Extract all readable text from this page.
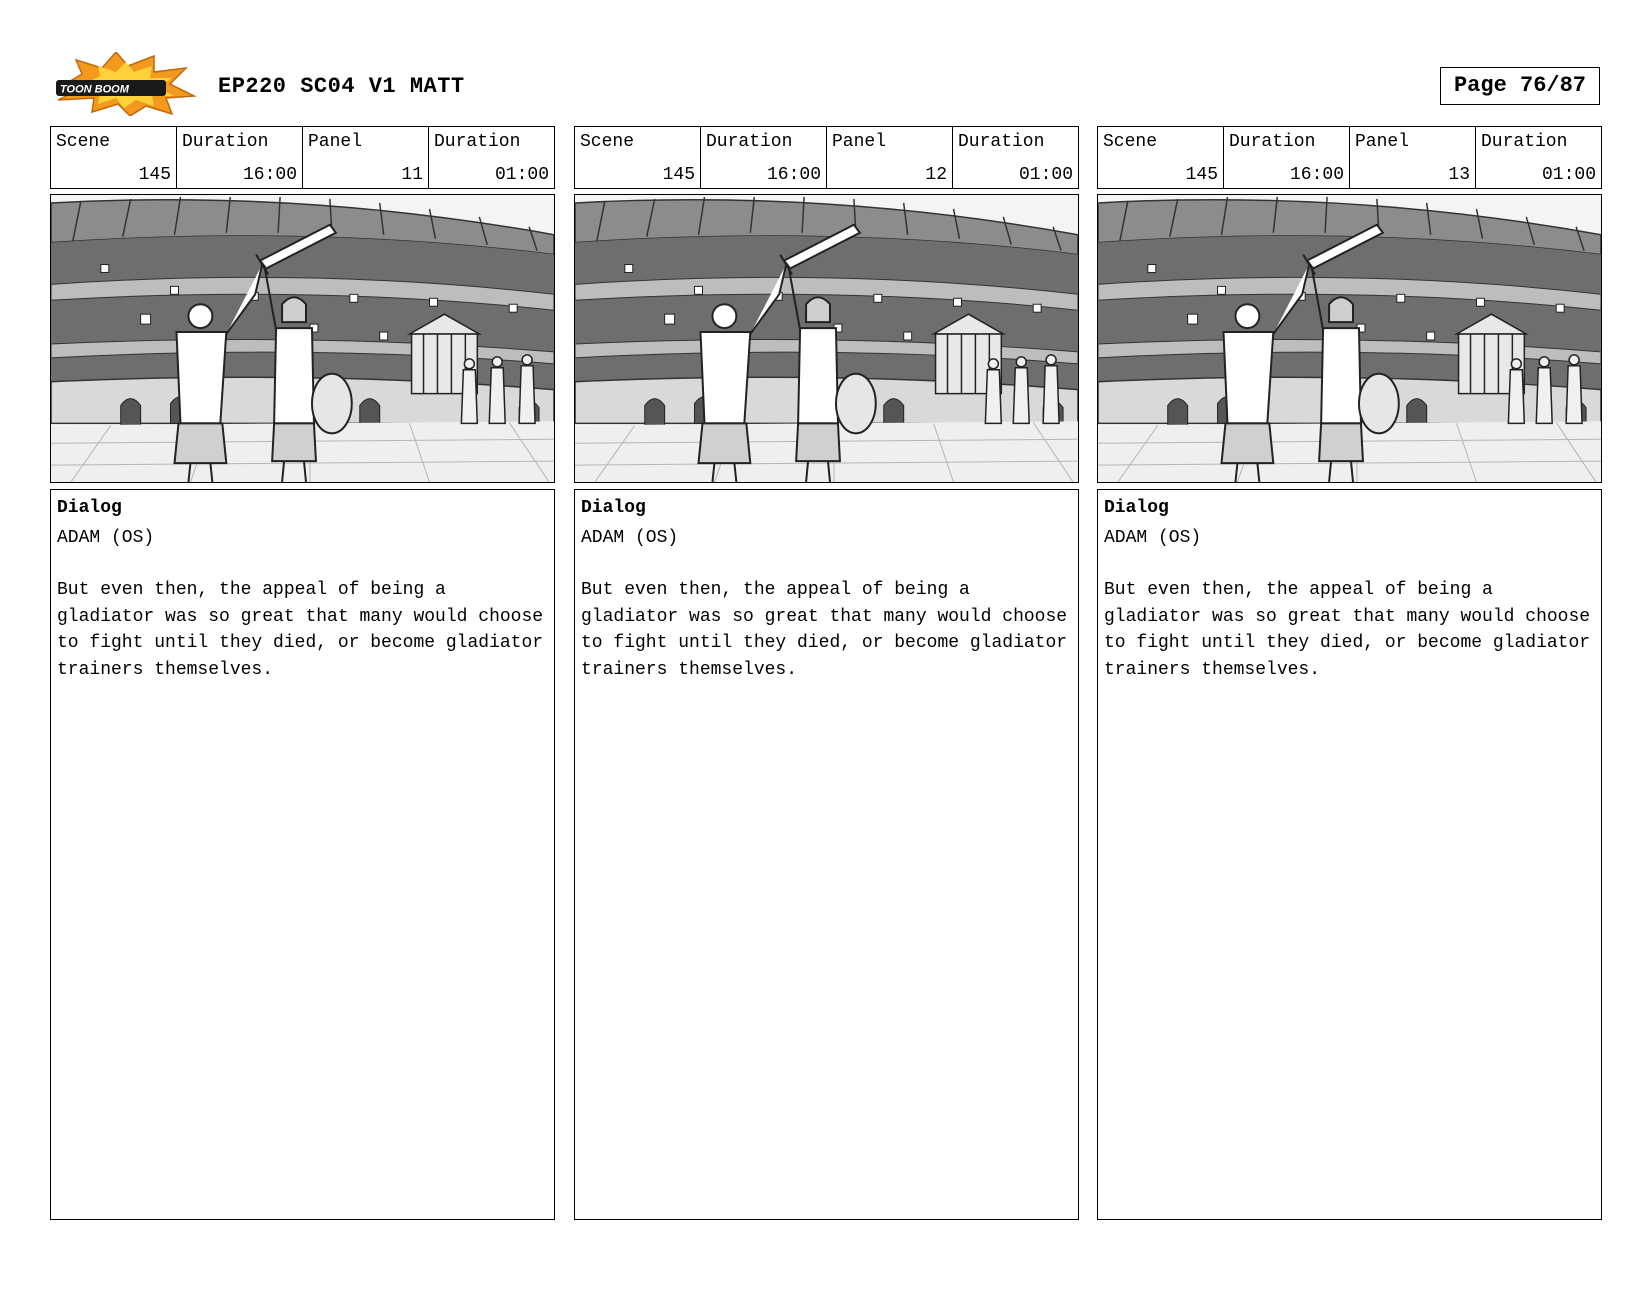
TOON BOOM	EP220 SC04 V1 MATT	Page 76/87
Scene
145
Duration
16:00
Panel
11
Duration
01:00
Dialog
ADAM (OS)
But even then, the appeal of being a gladiator was so great that many would choose to fight until they died, or become gladiator trainers themselves.
Scene
145
Duration
16:00
Panel
12
Duration
01:00
Dialog
ADAM (OS)
But even then, the appeal of being a gladiator was so great that many would choose to fight until they died, or become gladiator trainers themselves.
Scene
145
Duration
16:00
Panel
13
Duration
01:00
Dialog
ADAM (OS)
But even then, the appeal of being a gladiator was so great that many would choose to fight until they died, or become gladiator trainers themselves.
